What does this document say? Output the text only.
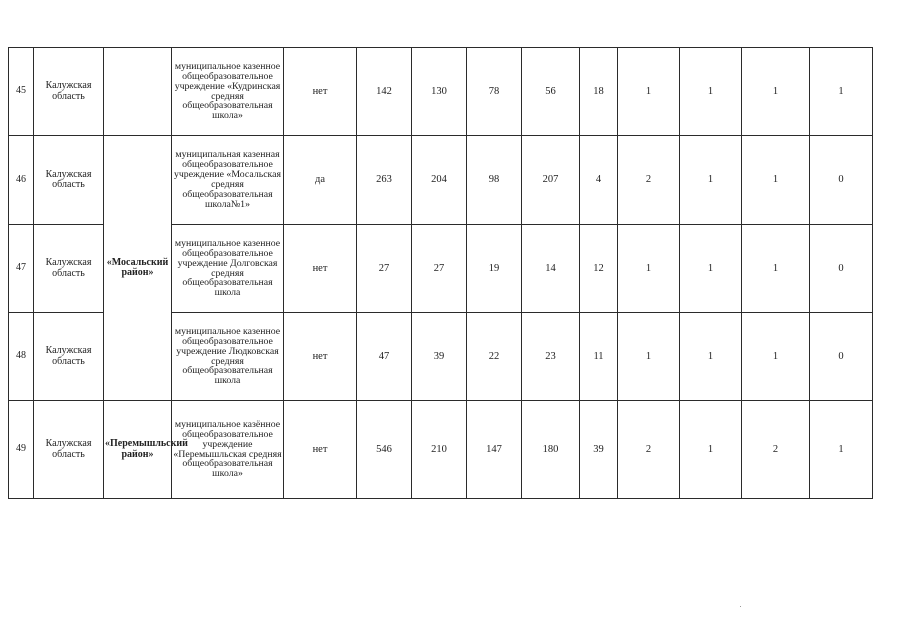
45	Калужская область		муниципальное казенное общеобразовательное учреждение «Кудринская средняя общеобразовательная школа»	нет	142	130	78	56	18	1	1	1	1
46	Калужская область	«Мосальский район»	муниципальная казенная общеобразовательное учреждение «Мосальская средняя общеобразовательная школа№1»	да	263	204	98	207	4	2	1	1	0
47	Калужская область		муниципальное казенное общеобразовательное учреждение Долговская средняя общеобразовательная школа	нет	27	27	19	14	12	1	1	1	0
48	Калужская область		муниципальное казенное общеобразовательное учреждение Людковская средняя общеобразовательная школа	нет	47	39	22	23	11	1	1	1	0
49	Калужская область	«Перемышльский район»	муниципальное казённое общеобразовательное учреждение «Перемышльская средняя общеобразовательная школа»	нет	546	210	147	180	39	2	1	2	1
